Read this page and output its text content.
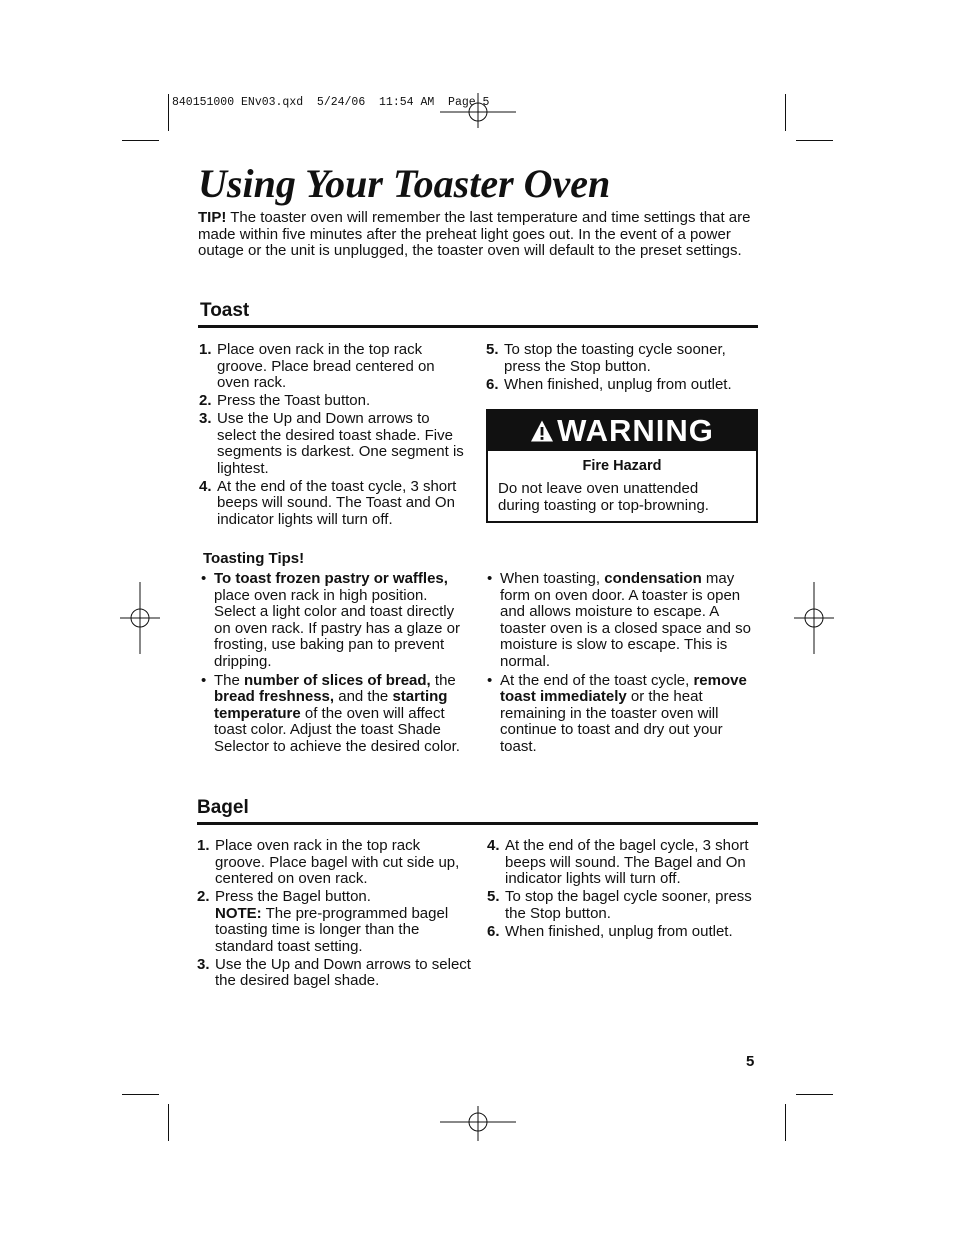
840151000 ENv03.qxd  5/24/06  11:54 AM  Page 5
Using Your Toaster Oven

TIP! The toaster oven will remember the last temperature and time settings that are made within five minutes after the preheat light goes out. In the event of a power outage or the unit is unplugged, the toaster oven will default to the preset settings.

Toast
1. Place oven rack in the top rack groove. Place bread centered on oven rack.
2. Press the Toast button.
3. Use the Up and Down arrows to select the desired toast shade. Five segments is darkest. One segment is lightest.
4. At the end of the toast cycle, 3 short beeps will sound. The Toast and On indicator lights will turn off.
5. To stop the toasting cycle sooner, press the Stop button.
6. When finished, unplug from outlet.
WARNING
Fire Hazard
Do not leave oven unattended during toasting or top-browning.
Toasting Tips!
• To toast frozen pastry or waffles, place oven rack in high position. Select a light color and toast directly on oven rack. If pastry has a glaze or frosting, use baking pan to prevent dripping.
• The number of slices of bread, the bread freshness, and the starting temperature of the oven will affect toast color. Adjust the toast Shade Selector to achieve the desired color.
• When toasting, condensation may form on oven door. A toaster is open and allows moisture to escape. A toaster oven is a closed space and so moisture is slow to escape. This is normal.
• At the end of the toast cycle, remove toast immediately or the heat remaining in the toaster oven will continue to toast and dry out your toast.
Bagel
1. Place oven rack in the top rack groove. Place bagel with cut side up, centered on oven rack.
2. Press the Bagel button.
NOTE: The pre-programmed bagel toasting time is longer than the standard toast setting.
3. Use the Up and Down arrows to select the desired bagel shade.
4. At the end of the bagel cycle, 3 short beeps will sound. The Bagel and On indicator lights will turn off.
5. To stop the bagel cycle sooner, press the Stop button.
6. When finished, unplug from outlet.
5
